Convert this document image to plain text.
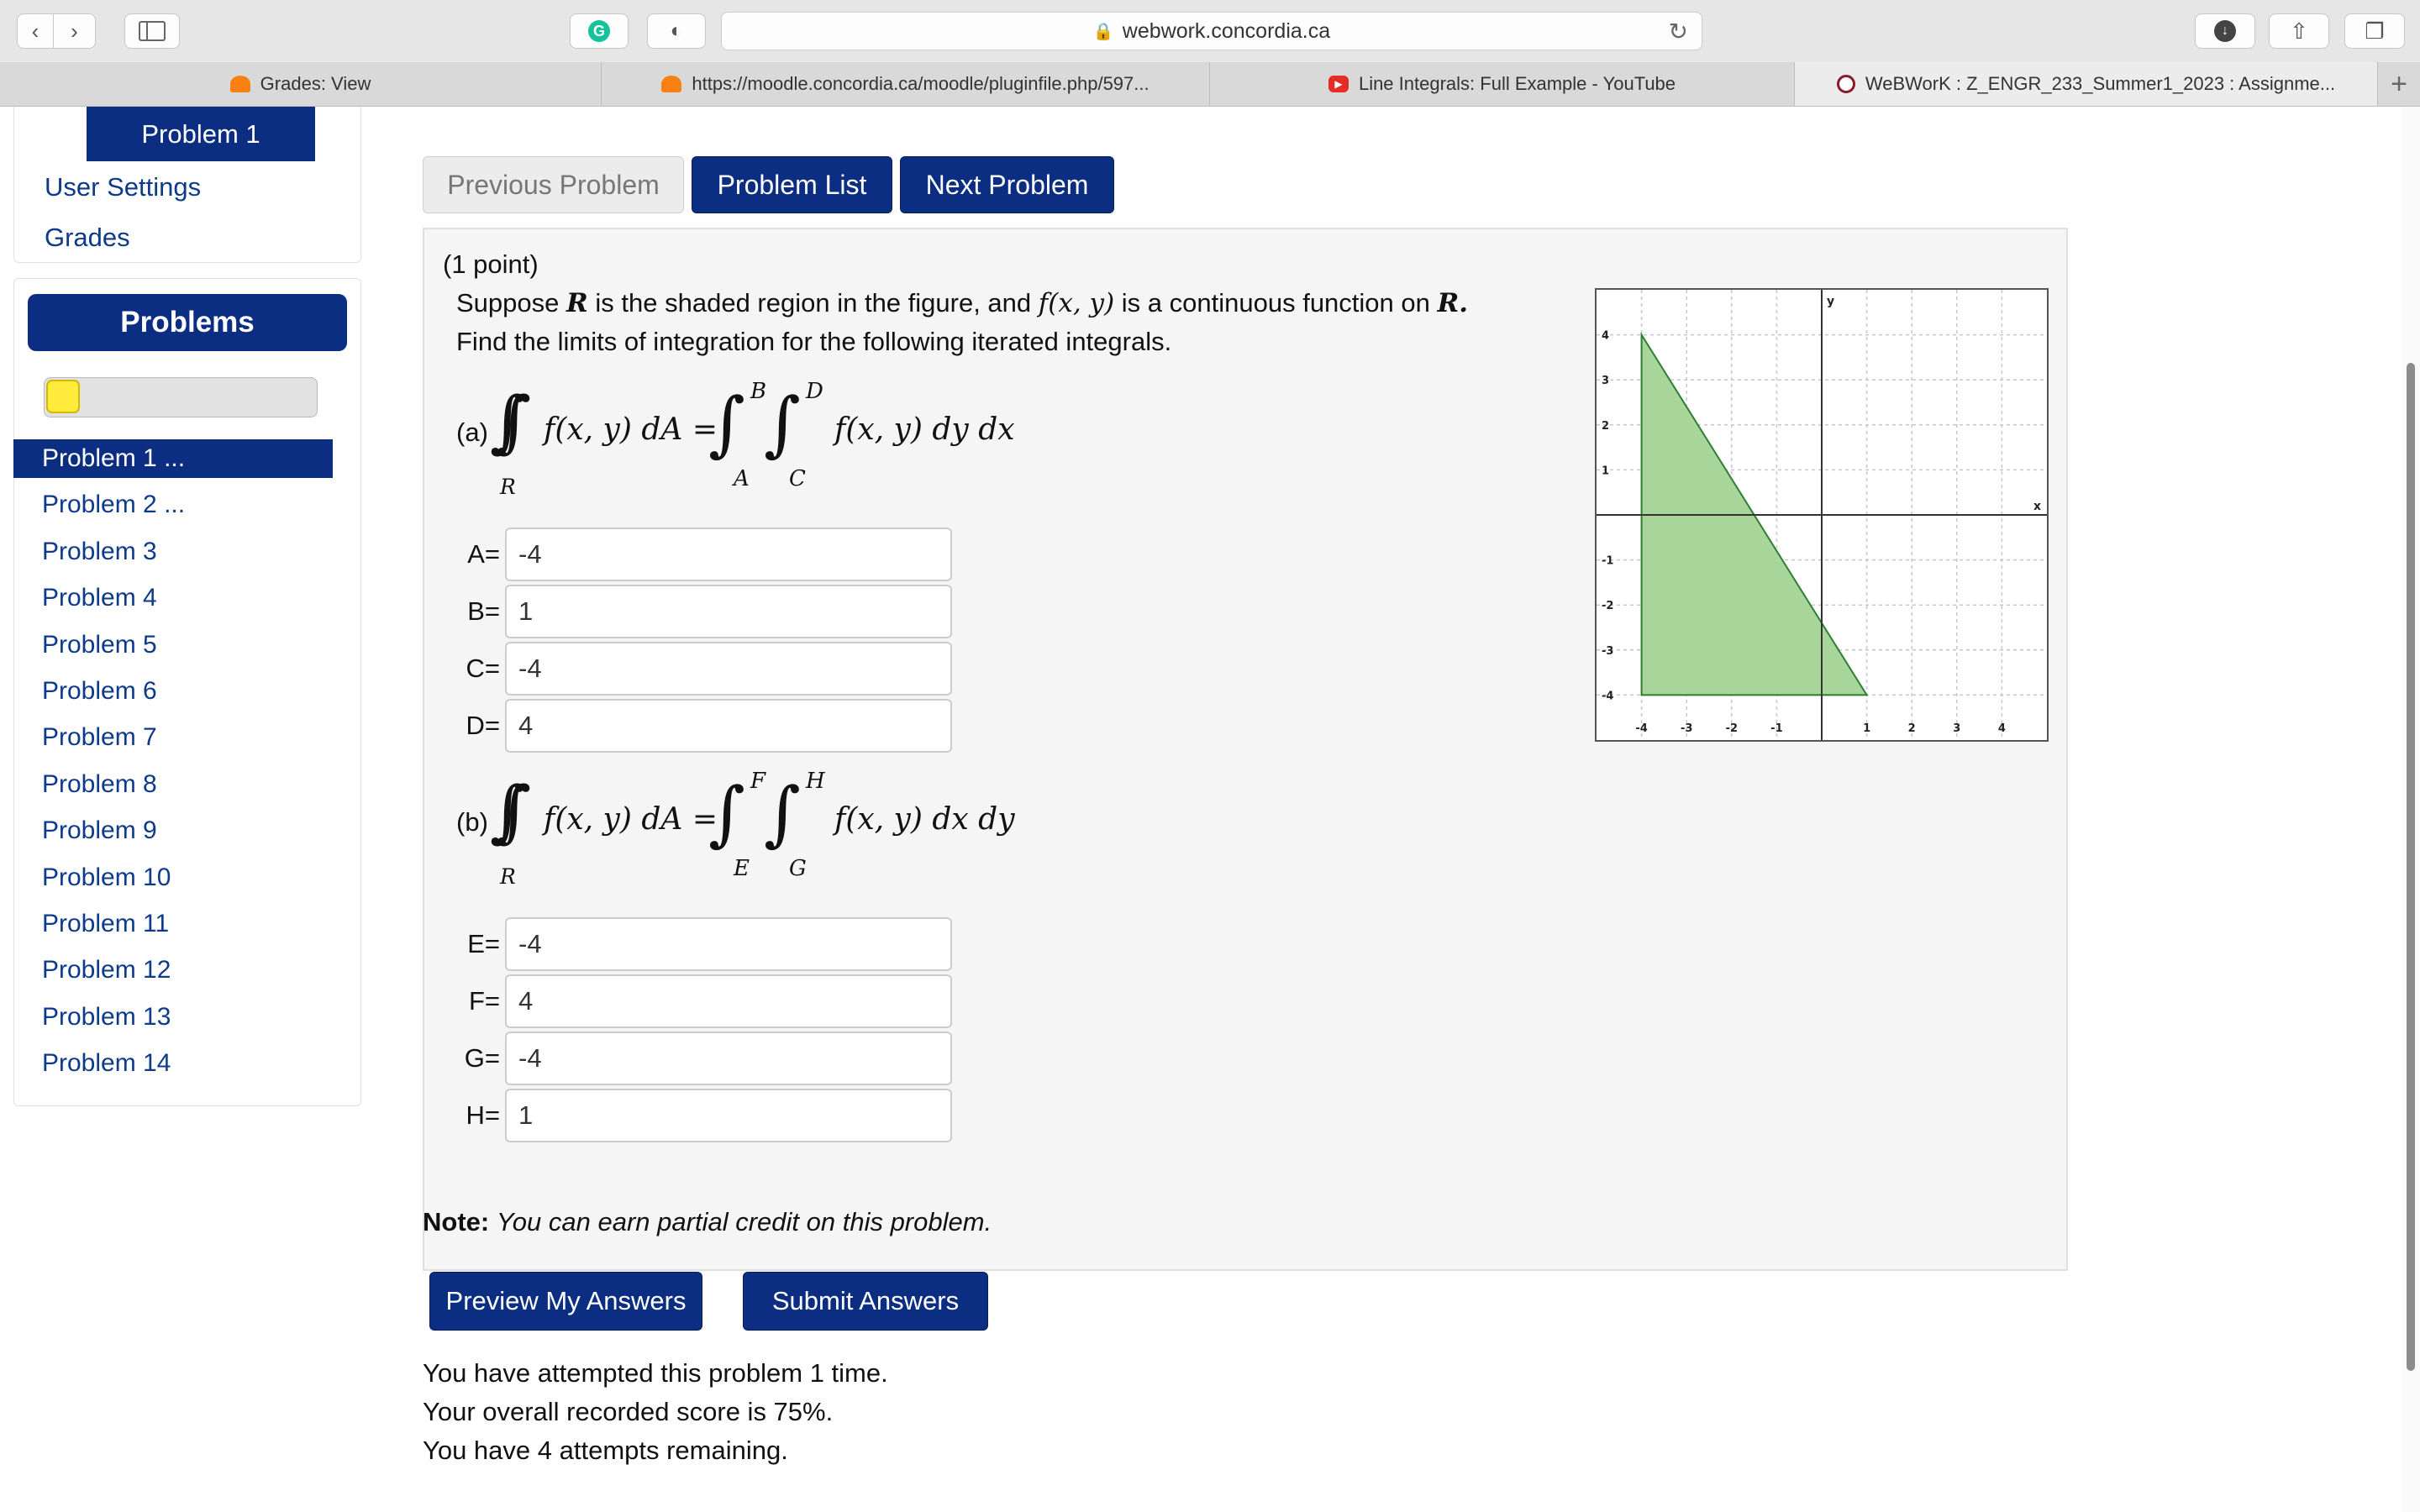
‹ ›	G	◐	🔒 webwork.concordia.ca	↻	↓	⇧	❐
Grades: View	https://moodle.concordia.ca/moodle/pluginfile.php/597...	▶ Line Integrals: Full Example - YouTube	WeBWorK : Z_ENGR_233_Summer1_2023 : Assignme... +
Problem 1
User Settings
Grades
Problems
Problem 1 ...
Problem 2 ...
Problem 3
Problem 4
Problem 5
Problem 6
Problem 7
Problem 8
Problem 9
Problem 10
Problem 11
Problem 12
Problem 13
Problem 14
Previous Problem	Problem List	Next Problem
(1 point)
Suppose R is the shaded region in the figure, and f(x, y) is a continuous function on R.
Find the limits of integration for the following iterated integrals.
(a) ∫∫
R
f(x, y) dA =
∫ B
A
∫ D
C
f(x, y) dy dx
A=
-4
B=
1
C=
-4
D=
4
(b) ∫∫
R
f(x, y) dA =
∫ F
E
∫ H
G
f(x, y) dx dy
E=
-4
F=
4
G=
-4
H=
1
x
y
-4	-3	-2	-1	1	2	3	4
4
3
2
1
-1
-2
-3
-4
Note: You can earn partial credit on this problem.
Preview My Answers	Submit Answers
You have attempted this problem 1 time.
Your overall recorded score is 75%.
You have 4 attempts remaining.
